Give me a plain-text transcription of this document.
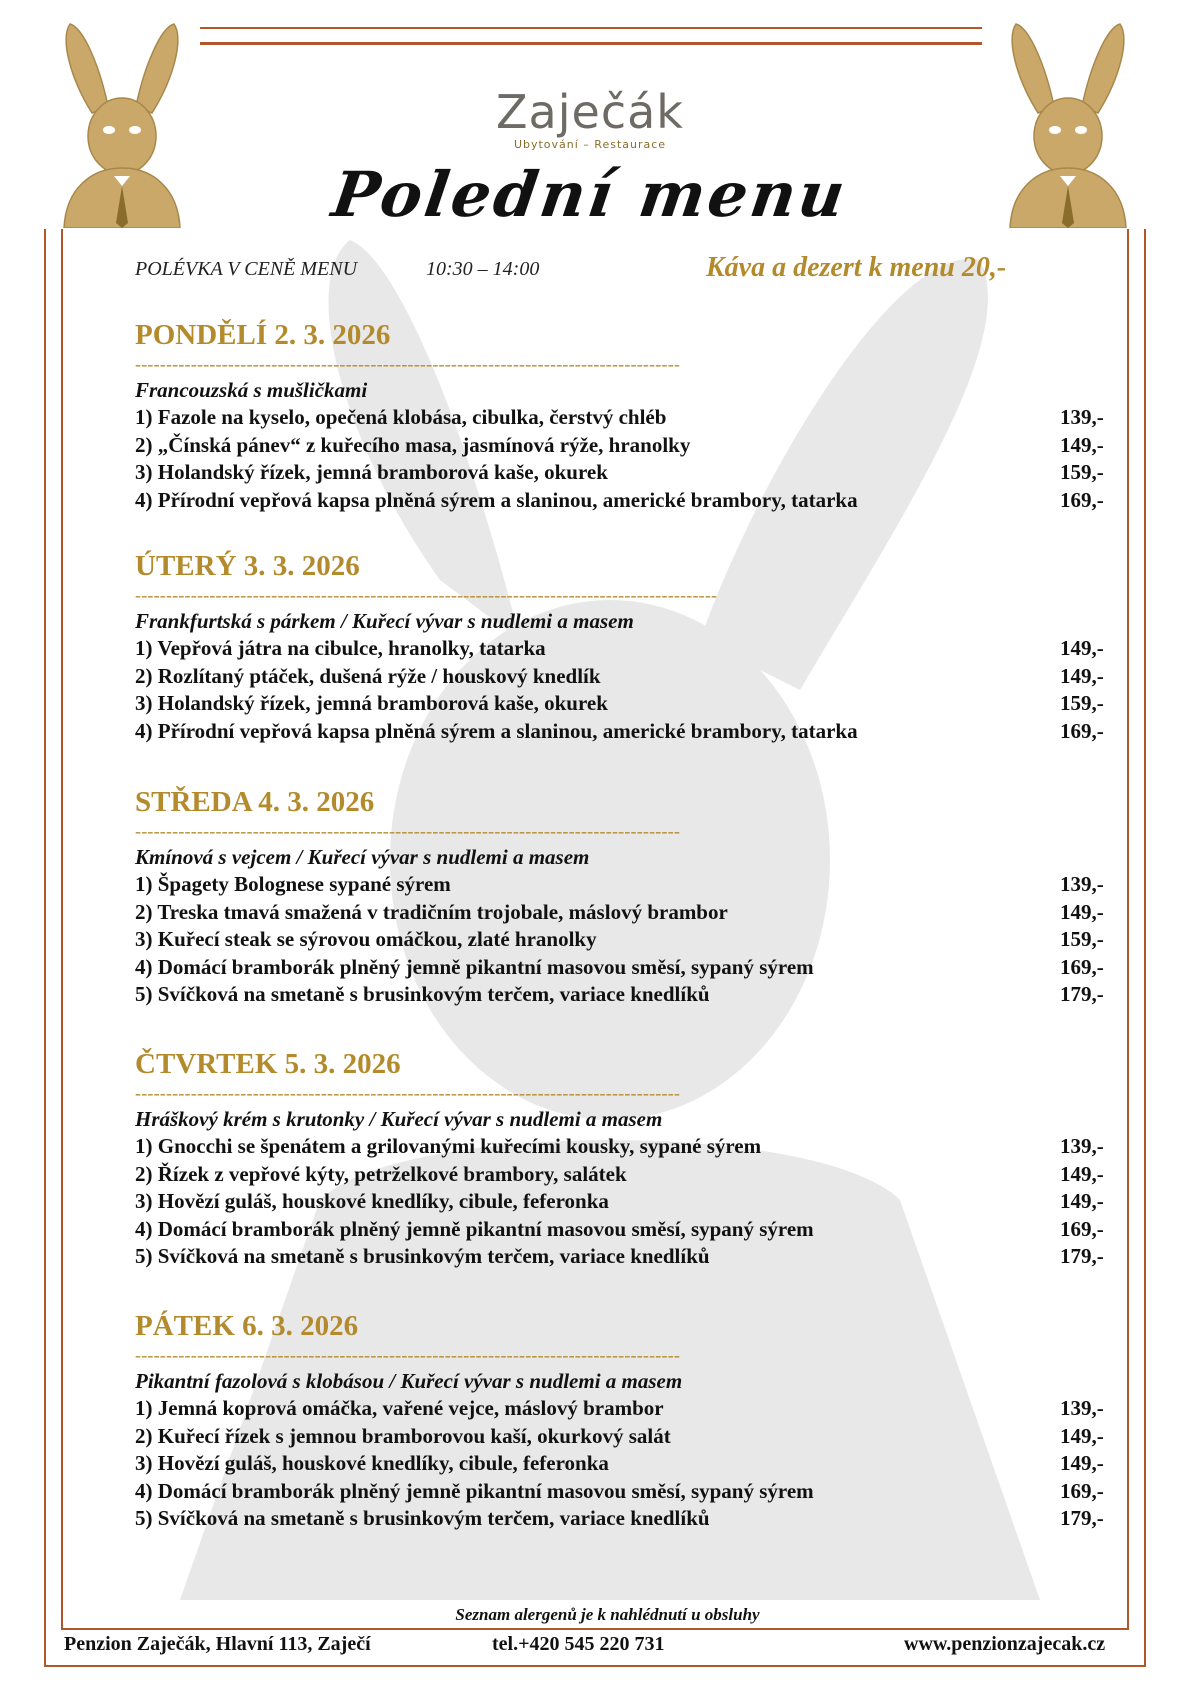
Zaječák
Ubytování – Restaurace
Polední menu
POLÉVKA V CENĚ MENU	10:30 – 14:00	Káva a dezert k menu 20,-
PONDĚLÍ 2. 3. 2026
----------------------------------------------------------------------------------------
Francouzská s mušličkami
1) Fazole na kyselo, opečená klobása, cibulka, čerstvý chléb	139,-
2) „Čínská pánev“ z kuřecího masa, jasmínová rýže, hranolky	149,-
3) Holandský řízek, jemná bramborová kaše, okurek	159,-
4) Přírodní vepřová kapsa plněná sýrem a slaninou, americké brambory, tatarka	169,-
ÚTERÝ 3. 3. 2026
----------------------------------------------------------------------------------------------
Frankfurtská s párkem / Kuřecí vývar s nudlemi a masem
1) Vepřová játra na cibulce, hranolky, tatarka	149,-
2) Rozlítaný ptáček, dušená rýže / houskový knedlík	149,-
3) Holandský řízek, jemná bramborová kaše, okurek	159,-
4) Přírodní vepřová kapsa plněná sýrem a slaninou, americké brambory, tatarka	169,-
STŘEDA 4. 3. 2026
----------------------------------------------------------------------------------------
Kmínová s vejcem / Kuřecí vývar s nudlemi a masem
1) Špagety Bolognese sypané sýrem	139,-
2) Treska tmavá smažená v tradičním trojobale, máslový brambor	149,-
3) Kuřecí steak se sýrovou omáčkou, zlaté hranolky	159,-
4) Domácí bramborák plněný jemně pikantní masovou směsí, sypaný sýrem	169,-
5) Svíčková na smetaně s brusinkovým terčem, variace knedlíků	179,-
ČTVRTEK 5. 3. 2026
----------------------------------------------------------------------------------------
Hráškový krém s krutonky / Kuřecí vývar s nudlemi a masem
1) Gnocchi se špenátem a grilovanými kuřecími kousky, sypané sýrem	139,-
2) Řízek z vepřové kýty, petrželkové brambory, salátek	149,-
3) Hovězí guláš, houskové knedlíky, cibule, feferonka	149,-
4) Domácí bramborák plněný jemně pikantní masovou směsí, sypaný sýrem	169,-
5) Svíčková na smetaně s brusinkovým terčem, variace knedlíků	179,-
PÁTEK 6. 3. 2026
----------------------------------------------------------------------------------------
Pikantní fazolová s klobásou / Kuřecí vývar s nudlemi a masem
1) Jemná koprová omáčka, vařené vejce, máslový brambor	139,-
2) Kuřecí řízek s jemnou bramborovou kaší, okurkový salát	149,-
3) Hovězí guláš, houskové knedlíky, cibule, feferonka	149,-
4) Domácí bramborák plněný jemně pikantní masovou směsí, sypaný sýrem	169,-
5) Svíčková na smetaně s brusinkovým terčem, variace knedlíků	179,-
Seznam alergenů je k nahlédnutí u obsluhy
Penzion Zaječák, Hlavní 113, Zaječí	tel.+420 545 220 731	www.penzionzajecak.cz
